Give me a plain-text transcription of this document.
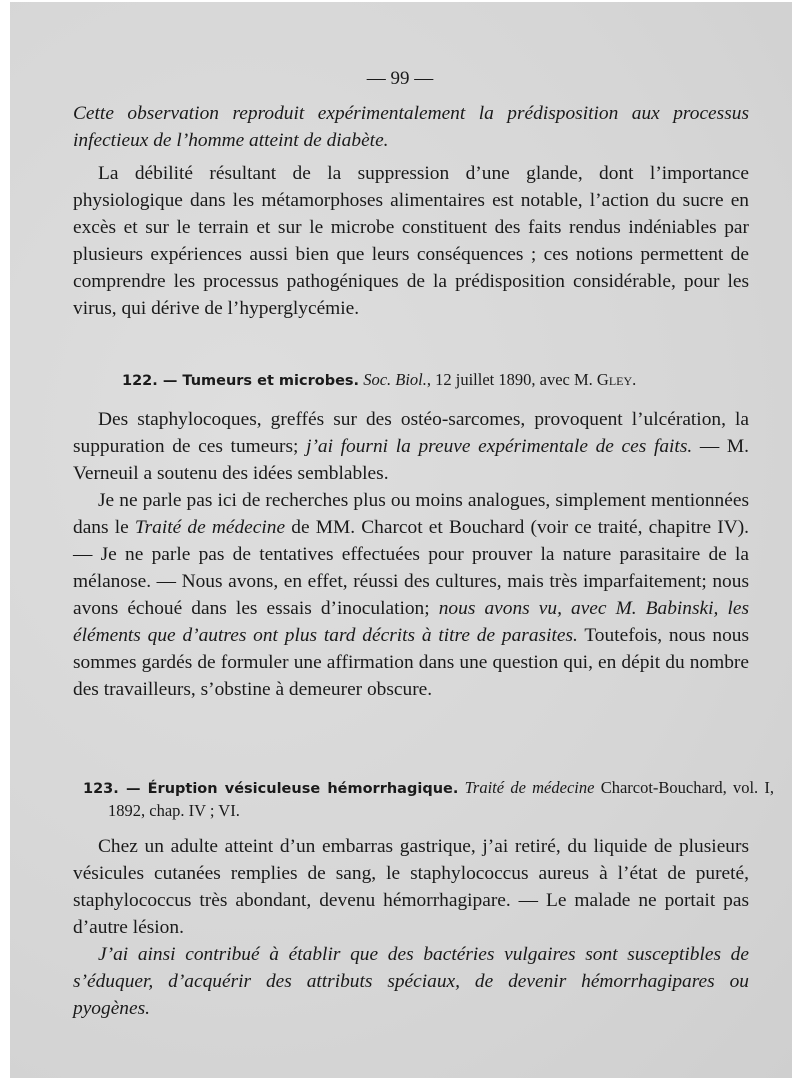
— 99 —

Cette observation reproduit expérimentalement la prédisposition aux processus infectieux de l’homme atteint de diabète.

La débilité résultant de la suppression d’une glande, dont l’importance physiologique dans les métamorphoses alimentaires est notable, l’action du sucre en excès et sur le terrain et sur le microbe constituent des faits rendus indéniables par plusieurs expériences aussi bien que leurs conséquences ; ces notions permettent de comprendre les processus pathogéniques de la prédisposition considérable, pour les virus, qui dérive de l’hyperglycémie.

122. — Tumeurs et microbes. Soc. Biol., 12 juillet 1890, avec M. Gley.

Des staphylocoques, greffés sur des ostéo-sarcomes, provoquent l’ulcération, la suppuration de ces tumeurs; j’ai fourni la preuve expérimentale de ces faits. — M. Verneuil a soutenu des idées semblables.

Je ne parle pas ici de recherches plus ou moins analogues, simplement mentionnées dans le Traité de médecine de MM. Charcot et Bouchard (voir ce traité, chapitre IV). — Je ne parle pas de tentatives effectuées pour prouver la nature parasitaire de la mélanose. — Nous avons, en effet, réussi des cultures, mais très imparfaitement; nous avons échoué dans les essais d’inoculation; nous avons vu, avec M. Babinski, les éléments que d’autres ont plus tard décrits à titre de parasites. Toutefois, nous nous sommes gardés de formuler une affirmation dans une question qui, en dépit du nombre des travailleurs, s’obstine à demeurer obscure.

123. — Éruption vésiculeuse hémorrhagique. Traité de médecine Charcot-Bouchard, vol. I, 1892, chap. IV ; VI.

Chez un adulte atteint d’un embarras gastrique, j’ai retiré, du liquide de plusieurs vésicules cutanées remplies de sang, le staphylococcus aureus à l’état de pureté, staphylococcus très abondant, devenu hémorrhagipare. — Le malade ne portait pas d’autre lésion.

J’ai ainsi contribué à établir que des bactéries vulgaires sont susceptibles de s’éduquer, d’acquérir des attributs spéciaux, de devenir hémorrhagipares ou pyogènes.
